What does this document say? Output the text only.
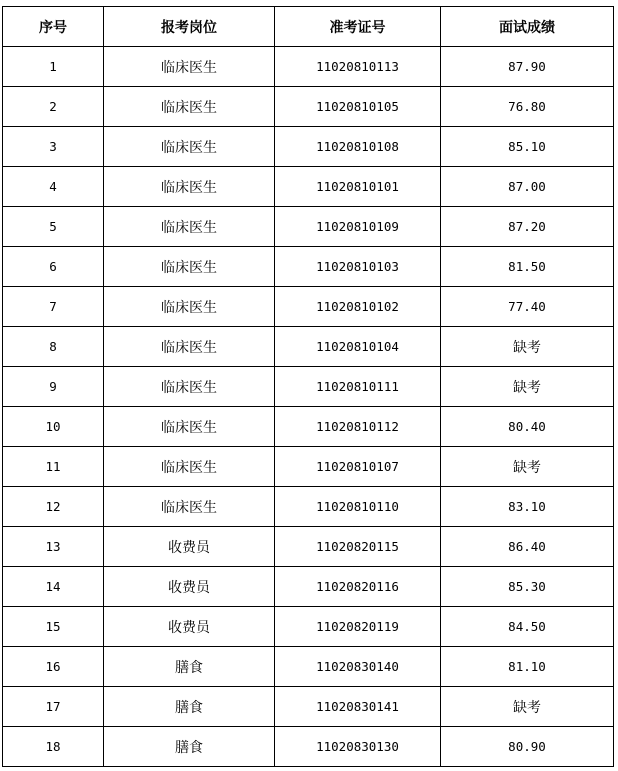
序号	报考岗位	准考证号	面试成绩
1	临床医生	11020810113	87.90
2	临床医生	11020810105	76.80
3	临床医生	11020810108	85.10
4	临床医生	11020810101	87.00
5	临床医生	11020810109	87.20
6	临床医生	11020810103	81.50
7	临床医生	11020810102	77.40
8	临床医生	11020810104	缺考
9	临床医生	11020810111	缺考
10	临床医生	11020810112	80.40
11	临床医生	11020810107	缺考
12	临床医生	11020810110	83.10
13	收费员	11020820115	86.40
14	收费员	11020820116	85.30
15	收费员	11020820119	84.50
16	膳食	11020830140	81.10
17	膳食	11020830141	缺考
18	膳食	11020830130	80.90
